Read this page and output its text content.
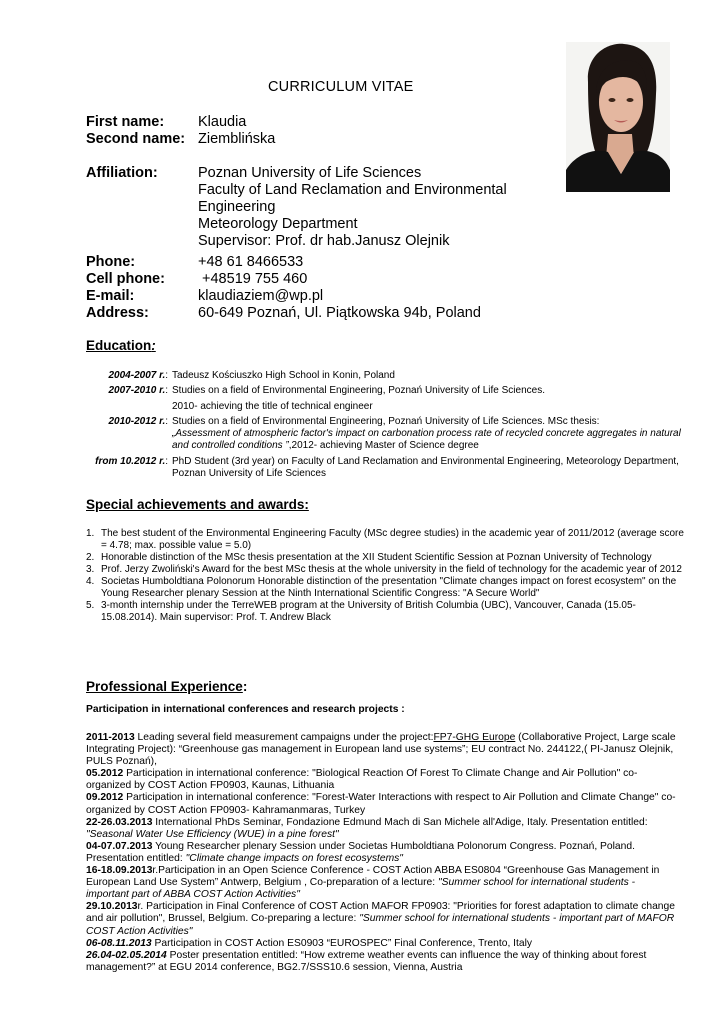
CURRICULUM VITAE
First name: Klaudia
Second name: Ziemblińska
Affiliation:	Poznan University of Life Sciences
Faculty of Land Reclamation and Environmental
Engineering
Meteorology Department
Supervisor: Prof. dr hab.Janusz Olejnik
Phone:	+48 61 8466533
Cell phone: +48519 755 460
E-mail:	klaudiaziem@wp.pl
Address:	60-649 Poznań, Ul. Piątkowska 94b, Poland
Education:
2004-2007 r.: Tadeusz Kościuszko High School in Konin, Poland
2007-2010 r.: Studies on a field of Environmental Engineering, Poznań University of Life Sciences.
2010- achieving the title of technical engineer
2010-2012 r.: Studies on a field of Environmental Engineering, Poznań University of Life Sciences. MSc thesis:
„Assessment of atmospheric factor's impact on carbonation process rate of recycled concrete aggregates in natural and controlled conditions ”,2012- achieving Master of Science degree
from 10.2012 r.: PhD Student (3rd year) on Faculty of Land Reclamation and Environmental Engineering, Meteorology Department, Poznan University of Life Sciences
Special achievements and awards:
1. The best student of the Environmental Engineering Faculty (MSc degree studies) in the academic year of 2011/2012 (average score = 4.78; max. possible value = 5.0)
2. Honorable distinction of the MSc thesis presentation at the XII Student Scientific Session at Poznan University of Technology
3. Prof. Jerzy Zwoliński's Award for the best MSc thesis at the whole university in the field of technology for the academic year of 2012
4. Societas Humboldtiana Polonorum Honorable distinction of the presentation "Climate changes impact on forest ecosystem" on the Young Researcher plenary Session at the Ninth International Scientific Congress: "A Secure World"
5. 3-month internship under the TerreWEB program at the University of British Columbia (UBC), Vancouver, Canada (15.05-15.08.2014). Main supervisor: Prof. T. Andrew Black
Professional Experience:
Participation in international conferences and research projects :

2011-2013 Leading several field measurement campaigns under the project:FP7-GHG Europe (Collaborative Project, Large scale Integrating Project): “Greenhouse gas management in European land use systems”; EU contract No. 244122,( PI-Janusz Olejnik, PULS Poznań),

05.2012 Participation in international conference: "Biological Reaction Of Forest To Climate Change and Air Pollution" co-organized by COST Action FP0903, Kaunas, Lithuania

09.2012 Participation in international conference: "Forest-Water Interactions with respect to Air Pollution and Climate Change" co-organized by COST Action FP0903- Kahramanmaras, Turkey

22-26.03.2013 International PhDs Seminar, Fondazione Edmund Mach di San Michele all'Adige, Italy. Presentation entitled: "Seasonal Water Use Efficiency (WUE) in a pine forest"

04-07.07.2013 Young Researcher plenary Session under Societas Humboldtiana Polonorum Congress. Poznań, Poland. Presentation entitled: "Climate change impacts on forest ecosystems"

16-18.09.2013r.Participation in an Open Science Conference - COST Action ABBA ES0804 “Greenhouse Gas Management in European Land Use System” Antwerp, Belgium , Co-preparation of a lecture: "Summer school for international students - important part of ABBA COST Action Activities"

29.10.2013r. Participation in Final Conference of COST Action MAFOR FP0903: "Priorities for forest adaptation to climate change and air pollution", Brussel, Belgium. Co-preparing a lecture: "Summer school for international students - important part of MAFOR COST Action Activities"

06-08.11.2013 Participation in COST Action ES0903 “EUROSPEC” Final Conference, Trento, Italy

26.04-02.05.2014 Poster presentation entitled: “How extreme weather events can influence the way of thinking about forest management?” at EGU 2014 conference, BG2.7/SSS10.6 session, Vienna, Austria
